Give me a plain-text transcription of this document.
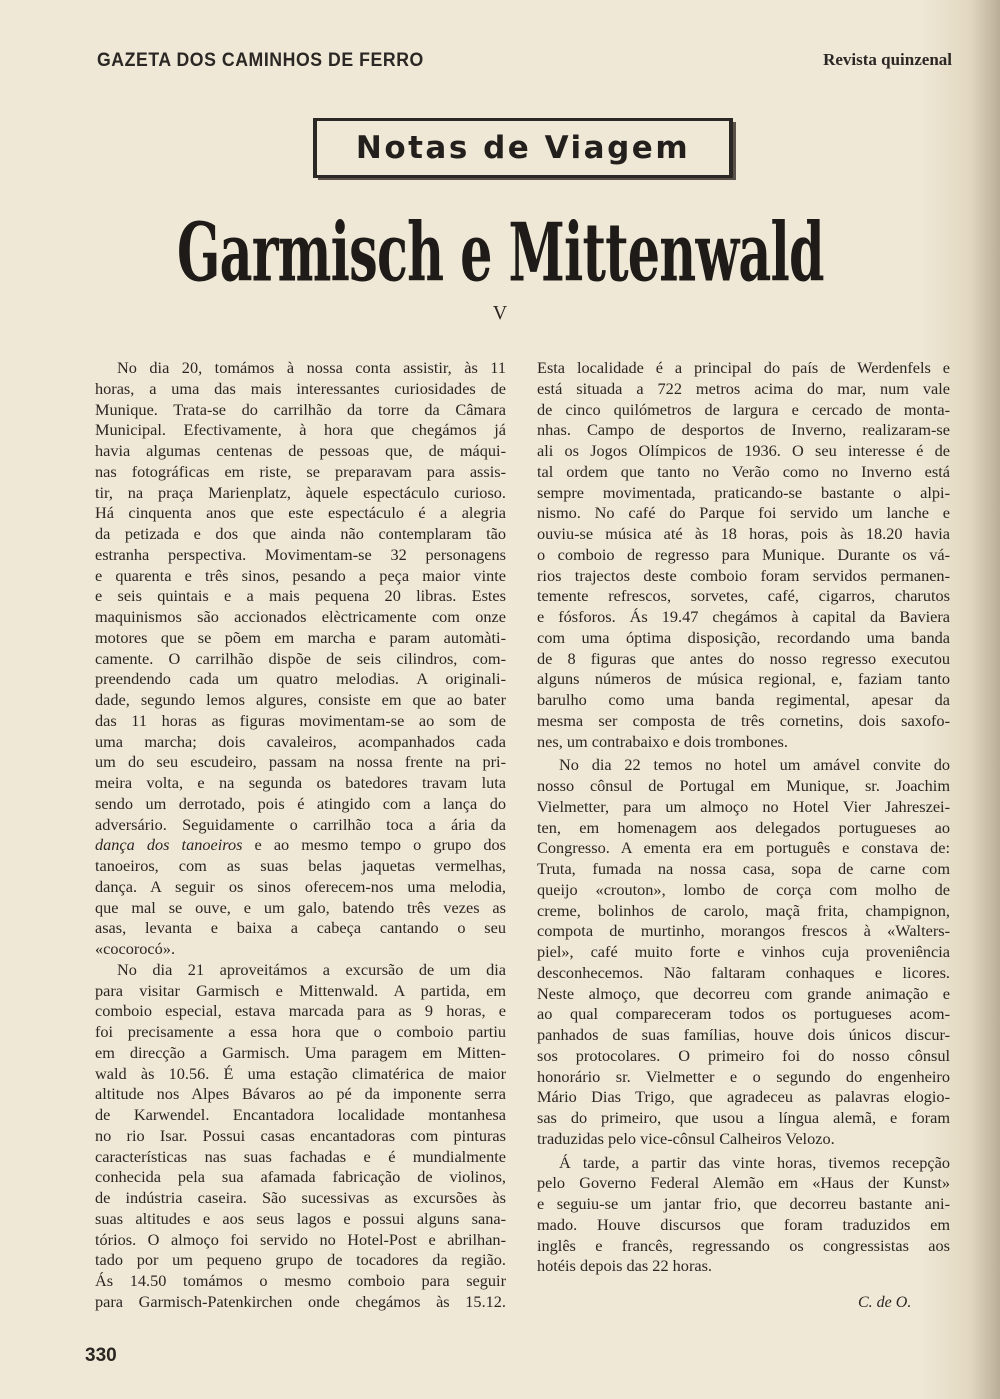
GAZETA DOS CAMINHOS DE FERRO	Revista quinzenal
Notas de Viagem
Garmisch e Mittenwald
V
No dia 20, tomámos à nossa conta assistir, às 11
horas, a uma das mais interessantes curiosidades de
Munique. Trata-se do carrilhão da torre da Câmara
Municipal. Efectivamente, à hora que chegámos já
havia algumas centenas de pessoas que, de máqui-
nas fotográficas em riste, se preparavam para assis-
tir, na praça Marienplatz, àquele espectáculo curioso.
Há cinquenta anos que este espectáculo é a alegria
da petizada e dos que ainda não contemplaram tão
estranha perspectiva. Movimentam-se 32 personagens
e quarenta e três sinos, pesando a peça maior vinte
e seis quintais e a mais pequena 20 libras. Estes
maquinismos são accionados elèctricamente com onze
motores que se põem em marcha e param automàti-
camente. O carrilhão dispõe de seis cilindros, com-
preendendo cada um quatro melodias. A originali-
dade, segundo lemos algures, consiste em que ao bater
das 11 horas as figuras movimentam-se ao som de
uma marcha; dois cavaleiros, acompanhados cada
um do seu escudeiro, passam na nossa frente na pri-
meira volta, e na segunda os batedores travam luta
sendo um derrotado, pois é atingido com a lança do
adversário. Seguidamente o carrilhão toca a ária da
dança dos tanoeiros e ao mesmo tempo o grupo dos
tanoeiros, com as suas belas jaquetas vermelhas,
dança. A seguir os sinos oferecem-nos uma melodia,
que mal se ouve, e um galo, batendo três vezes as
asas, levanta e baixa a cabeça cantando o seu
«cocorocó».
No dia 21 aproveitámos a excursão de um dia
para visitar Garmisch e Mittenwald. A partida, em
comboio especial, estava marcada para as 9 horas, e
foi precisamente a essa hora que o comboio partiu
em direcção a Garmisch. Uma paragem em Mitten-
wald às 10.56. É uma estação climatérica de maior
altitude nos Alpes Bávaros ao pé da imponente serra
de Karwendel. Encantadora localidade montanhesa
no rio Isar. Possui casas encantadoras com pinturas
características nas suas fachadas e é mundialmente
conhecida pela sua afamada fabricação de violinos,
de indústria caseira. São sucessivas as excursões às
suas altitudes e aos seus lagos e possui alguns sana-
tórios. O almoço foi servido no Hotel-Post e abrilhan-
tado por um pequeno grupo de tocadores da região.
Ás 14.50 tomámos o mesmo comboio para seguir
para Garmisch-Patenkirchen onde chegámos às 15.12.
Esta localidade é a principal do país de Werdenfels e
está situada a 722 metros acima do mar, num vale
de cinco quilómetros de largura e cercado de monta-
nhas. Campo de desportos de Inverno, realizaram-se
ali os Jogos Olímpicos de 1936. O seu interesse é de
tal ordem que tanto no Verão como no Inverno está
sempre movimentada, praticando-se bastante o alpi-
nismo. No café do Parque foi servido um lanche e
ouviu-se música até às 18 horas, pois às 18.20 havia
o comboio de regresso para Munique. Durante os vá-
rios trajectos deste comboio foram servidos permanen-
temente refrescos, sorvetes, café, cigarros, charutos
e fósforos. Ás 19.47 chegámos à capital da Baviera
com uma óptima disposição, recordando uma banda
de 8 figuras que antes do nosso regresso executou
alguns números de música regional, e, faziam tanto
barulho como uma banda regimental, apesar da
mesma ser composta de três cornetins, dois saxofo-
nes, um contrabaixo e dois trombones.
No dia 22 temos no hotel um amável convite do
nosso cônsul de Portugal em Munique, sr. Joachim
Vielmetter, para um almoço no Hotel Vier Jahreszei-
ten, em homenagem aos delegados portugueses ao
Congresso. A ementa era em português e constava de:
Truta, fumada na nossa casa, sopa de carne com
queijo «crouton», lombo de corça com molho de
creme, bolinhos de carolo, maçã frita, champignon,
compota de murtinho, morangos frescos à «Walters-
piel», café muito forte e vinhos cuja proveniência
desconhecemos. Não faltaram conhaques e licores.
Neste almoço, que decorreu com grande animação e
ao qual compareceram todos os portugueses acom-
panhados de suas famílias, houve dois únicos discur-
sos protocolares. O primeiro foi do nosso cônsul
honorário sr. Vielmetter e o segundo do engenheiro
Mário Dias Trigo, que agradeceu as palavras elogio-
sas do primeiro, que usou a língua alemã, e foram
traduzidas pelo vice-cônsul Calheiros Velozo.
Á tarde, a partir das vinte horas, tivemos recepção
pelo Governo Federal Alemão em «Haus der Kunst»
e seguiu-se um jantar frio, que decorreu bastante ani-
mado. Houve discursos que foram traduzidos em
inglês e francês, regressando os congressistas aos
hotéis depois das 22 horas.
C. de O.
330
